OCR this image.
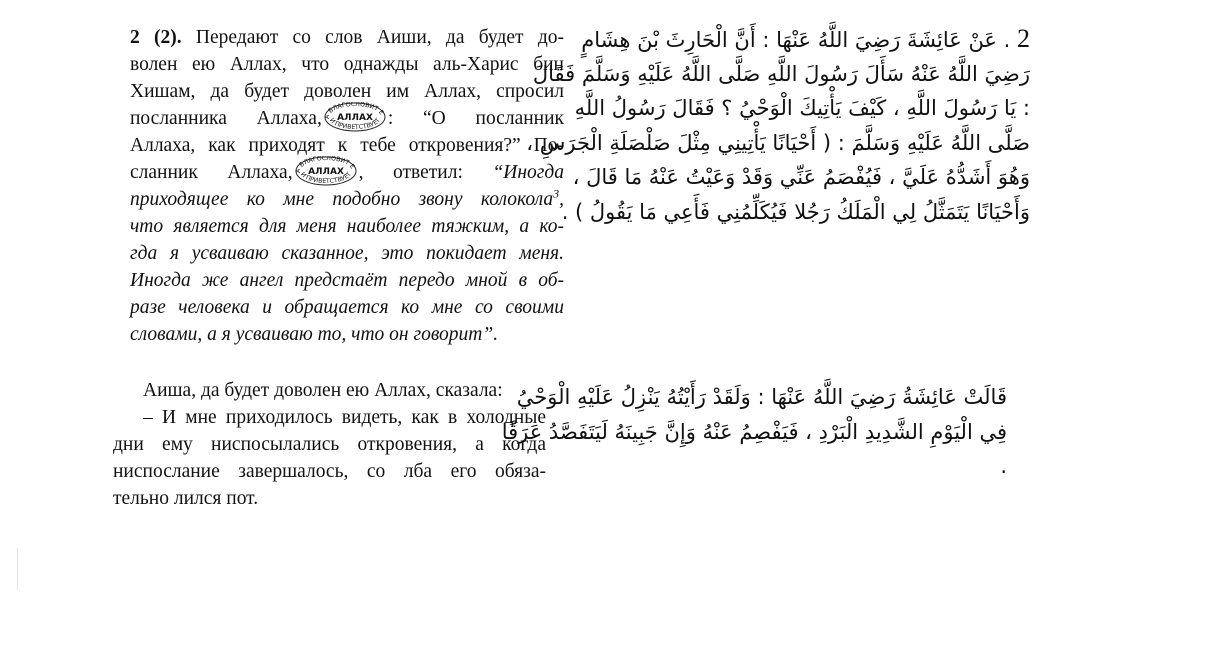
2 (2). Передают со слов Аиши, да будет до-
волен ею Аллах, что однажды аль-Харис бин
Хишам, да будет доволен им Аллах, спросил
посланника Аллаха, А БЛАГОСЛОВИТ Е
АЛЛАХ
И ПРИВЕТСТВУЕТ : “О посланник
Аллаха, как приходят к тебе откровения?” По-
сланник Аллаха, А БЛАГОСЛОВИТ Е
АЛЛАХ
И ПРИВЕТСТВУЕТ , ответил: “Иногда
приходящее ко мне подобно звону колокола$^3$,
что является для меня наиболее тяжким, а ко-
гда я усваиваю сказанное, это покидает меня.
Иногда же ангел предстаёт передо мной в об-
разе человека и обращается ко мне со своими
словами, а я усваиваю то, что он говорит”.
2 . عَنْ عَائِشَةَ رَضِيَ اللَّهُ عَنْهَا : أَنَّ الْحَارِثَ بْنَ هِشَامٍ
رَضِيَ اللَّهُ عَنْهُ سَأَلَ رَسُولَ اللَّهِ صَلَّى اللَّهُ عَلَيْهِ وَسَلَّمَ فَقَالَ
: يَا رَسُولَ اللَّهِ ، كَيْفَ يَأْتِيكَ الْوَحْيُ ؟ فَقَالَ رَسُولُ اللَّهِ
صَلَّى اللَّهُ عَلَيْهِ وَسَلَّمَ : ( أَحْيَانًا يَأْتِينِي مِثْلَ صَلْصَلَةِ الْجَرَسِ ،
وَهُوَ أَشَدُّهُ عَلَيَّ ، فَيُفْصَمُ عَنِّي وَقَدْ وَعَيْتُ عَنْهُ مَا قَالَ ،
وَأَحْيَانًا يَتَمَثَّلُ لِي الْمَلَكُ رَجُلا فَيُكَلِّمُنِي فَأَعِي مَا يَقُولُ ) .
Аиша, да будет доволен ею Аллах, сказала:
– И мне приходилось видеть, как в холодные
дни ему ниспосылались откровения, а когда
ниспослание завершалось, со лба его обяза-
тельно лился пот.
قَالَتْ عَائِشَةُ رَضِيَ اللَّهُ عَنْهَا : وَلَقَدْ رَأَيْتُهُ يَنْزِلُ عَلَيْهِ الْوَحْيُ
فِي الْيَوْمِ الشَّدِيدِ الْبَرْدِ ، فَيَفْصِمُ عَنْهُ وَإِنَّ جَبِينَهُ لَيَتَفَصَّدُ عَرَقًا
.
